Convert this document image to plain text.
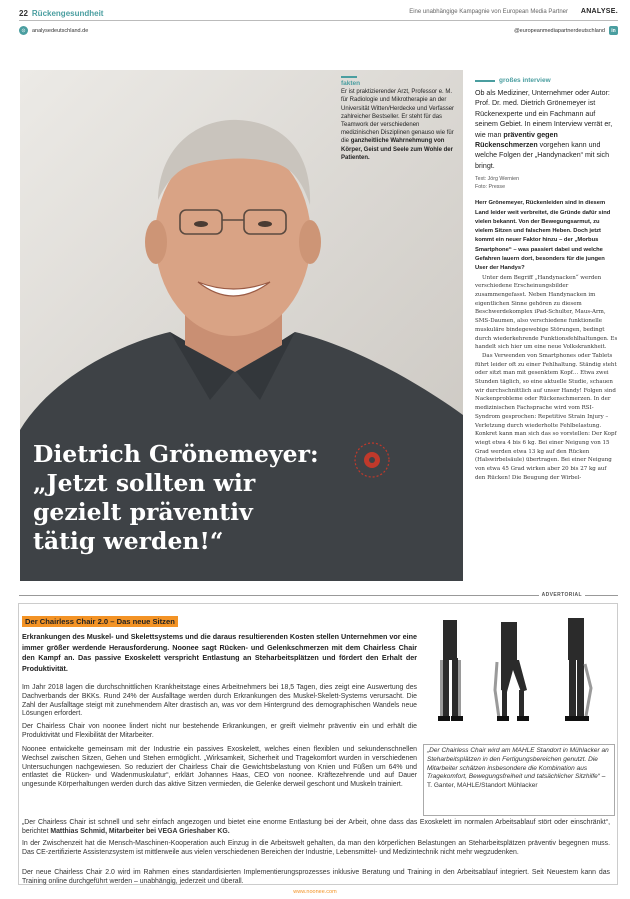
22 Rückengesundheit	Eine unabhängige Kampagnie von European Media Partner ANALYSE.
⊙	analysedeutschland.de	@europeanmediapartnerdeutschland	in
fakten
Er ist praktizierender Arzt, Professor e. M. für Radiologie und Mikrotherapie an der Universität Witten/Herdecke und Verfasser zahlreicher Bestseller. Er steht für das Teamwork der verschiedenen medizinischen Disziplinen genauso wie für die ganzheitliche Wahrnehmung von Körper, Geist und Seele zum Wohle der Patienten.
Dietrich Grönemeyer:
„Jetzt sollten wir
gezielt präventiv
tätig werden!“
großes interview
Ob als Mediziner, Unternehmer oder Autor: Prof. Dr. med. Dietrich Grönemeyer ist Rückenexperte und ein Fachmann auf seinem Gebiet. In einem Interview verrät er, wie man präventiv gegen Rückenschmerzen vorgehen kann und welche Folgen der „Handynacken“ mit sich bringt.
Text: Jörg Wernien
Foto: Presse
Herr Grönemeyer, Rückenleiden sind in diesem Land leider weit verbreitet, die Gründe dafür sind vielen bekannt. Von der Bewegungsarmut, zu vielem Sitzen und falschem Heben. Doch jetzt kommt ein neuer Faktor hinzu – der „Morbus Smartphone“ – was passiert dabei und welche Gefahren lauern dort, besonders für die jungen User der Handys?

Unter dem Begriff „Handynacken“ werden verschiedene Erscheinungsbilder zusammengefasst. Neben Handynacken im eigentlichen Sinne gehören zu diesem Beschwerdekomplex iPad-Schulter, Maus-Arm, SMS-Daumen, also verschiedene funktionelle muskuläre bindegewebige Störungen, bedingt durch wiederkehrende Funktionsfehlhaltungen. Es handelt sich hier um eine neue Volkskrankheit.

Das Verwenden von Smartphones oder Tablets führt leider oft zu einer Fehlhaltung. Ständig steht oder sitzt man mit gesenktem Kopf… Etwa zwei Stunden täglich, so eine aktuelle Studie, schauen wir durchschnittlich auf unser Handy! Folgen sind Nackenprobleme oder Rückenschmerzen. In der medizinischen Fachsprache wird vom RSI-Syndrom gesprochen: Repetitive Strain Injury – Verletzung durch wiederholte Fehlbelastung. Konkret kann man sich das so vorstellen: Der Kopf wiegt etwa 4 bis 6 kg. Bei einer Neigung von 15 Grad werden etwa 13 kg auf den Rücken (Halswirbelsäule) übertragen. Bei einer Neigung von etwa 45 Grad wirken aber 20 bis 27 kg auf den Rücken! Die Beugung der Wirbel-

ADVERTORIAL
Der Chairless Chair 2.0 – Das neue Sitzen
Erkrankungen des Muskel- und Skelettsystems und die daraus resultierenden Kosten stellen Unternehmen vor eine immer größer werdende Herausforderung. Noonee sagt Rücken- und Gelenkschmerzen mit dem Chairless Chair den Kampf an. Das passive Exoskelett verspricht Entlastung an Steharbeitsplätzen und fördert den Erhalt der Produktivität.
Im Jahr 2018 lagen die durchschnittlichen Krankheitstage eines Arbeitnehmers bei 18,5 Tagen, dies zeigt eine Auswertung des Dachverbands der BKKs. Rund 24% der Ausfalltage werden durch Erkrankungen des Muskel-Skelett-Systems verursacht. Die Zahl der Ausfalltage steigt mit zunehmendem Alter drastisch an, was vor dem Hintergrund des demographischen Wandels neue Lösungen erfordert.
Der Chairless Chair von noonee lindert nicht nur bestehende Erkrankungen, er greift vielmehr präventiv ein und erhält die Produktivität und Flexibilität der Mitarbeiter.
Noonee entwickelte gemeinsam mit der Industrie ein passives Exoskelett, welches einen flexiblen und sekundenschnellen Wechsel zwischen Sitzen, Gehen und Stehen ermöglicht. „Wirksamkeit, Sicherheit und Tragekomfort wurden in verschiedenen Untersuchungen nachgewiesen. So reduziert der Chairless Chair die Gewichtsbelastung von Knien und Füßen um 64% und entlastet die Rücken- und Wadenmuskulatur“, erklärt Johannes Haas, CEO von noonee. Kräftezehrende und auf Dauer ungesunde Körperhaltungen werden durch das aktive Sitzen vermieden, die Gelenke derweil geschont und Muskeln trainiert.
„Der Chairless Chair ist schnell und sehr einfach angezogen und bietet eine enorme Entlastung bei der Arbeit, ohne dass das Exoskelett im normalen Arbeitsablauf stört oder einschränkt“, berichtet Matthias Schmid, Mitarbeiter bei VEGA Grieshaber KG.
In der Zwischenzeit hat die Mensch-Maschinen-Kooperation auch Einzug in die Arbeitswelt gehalten, da man den körperlichen Belastungen an Steharbeitsplätzen präventiv begegnen muss. Das CE-zertifizierte Assistenzsystem ist mittlerweile aus vielen verschiedenen Bereichen der Industrie, Lebensmittel- und Medizintechnik nicht mehr wegzudenken.
Der neue Chairless Chair 2.0 wird im Rahmen eines standardisierten Implementierungsprozesses inklusive Beratung und Training in den Arbeitsablauf integriert. Seit Neuestem kann das Training online durchgeführt werden – unabhängig, jederzeit und überall.
„Der Chairless Chair wird am MAHLE Standort in Mühlacker an Steharbeitsplätzen in den Fertigungsbereichen genutzt. Die Mitarbeiter schätzen insbesondere die Kombination aus Tragekomfort, Bewegungsfreiheit und tatsächlicher Sitzhilfe“ –
T. Ganter, MAHLE/Standort Mühlacker
www.noonee.com
